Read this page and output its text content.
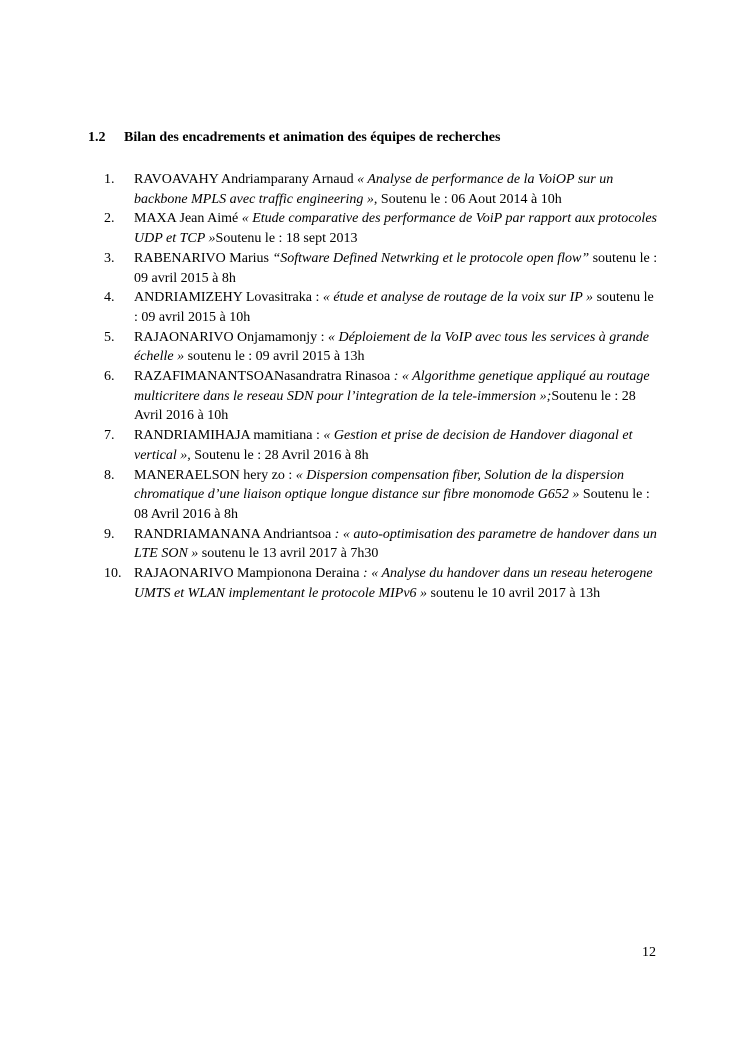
1.2 Bilan des encadrements et animation des équipes de recherches
1.	RAVOAVAHY Andriamparany Arnaud « Analyse de performance de la VoiOP sur un backbone MPLS avec traffic engineering », Soutenu le : 06 Aout 2014 à 10h
2.	MAXA Jean Aimé « Etude comparative des performance de VoiP par rapport aux protocoles UDP et TCP »Soutenu le : 18 sept 2013
3.	RABENARIVO Marius “Software Defined Netwrking et le protocole open flow” soutenu le : 09 avril 2015 à 8h
4.	ANDRIAMIZEHY Lovasitraka : « étude et analyse de routage de la voix sur IP » soutenu le : 09 avril 2015 à 10h
5.	RAJAONARIVO Onjamamonjy : « Déploiement de la VoIP avec tous les services à grande échelle » soutenu le : 09 avril 2015 à 13h
6.	RAZAFIMANANTSOANasandratra Rinasoa : « Algorithme genetique appliqué au routage multicritere dans le reseau SDN pour l’integration de la tele-immersion »;Soutenu le : 28 Avril 2016 à 10h
7.	RANDRIAMIHAJA mamitiana : « Gestion et prise de decision de Handover diagonal et vertical », Soutenu le : 28 Avril 2016 à 8h
8.	MANERAELSON hery zo : « Dispersion compensation fiber, Solution de la dispersion chromatique d’une liaison optique longue distance sur fibre monomode G652 » Soutenu le : 08 Avril 2016 à 8h
9.	RANDRIAMANANA Andriantsoa : « auto-optimisation des parametre de handover dans un LTE SON » soutenu le 13 avril 2017 à 7h30
10. RAJAONARIVO Mampionona Deraina : « Analyse du handover dans un reseau heterogene UMTS et WLAN implementant le protocole MIPv6 » soutenu le 10 avril 2017 à 13h
12
